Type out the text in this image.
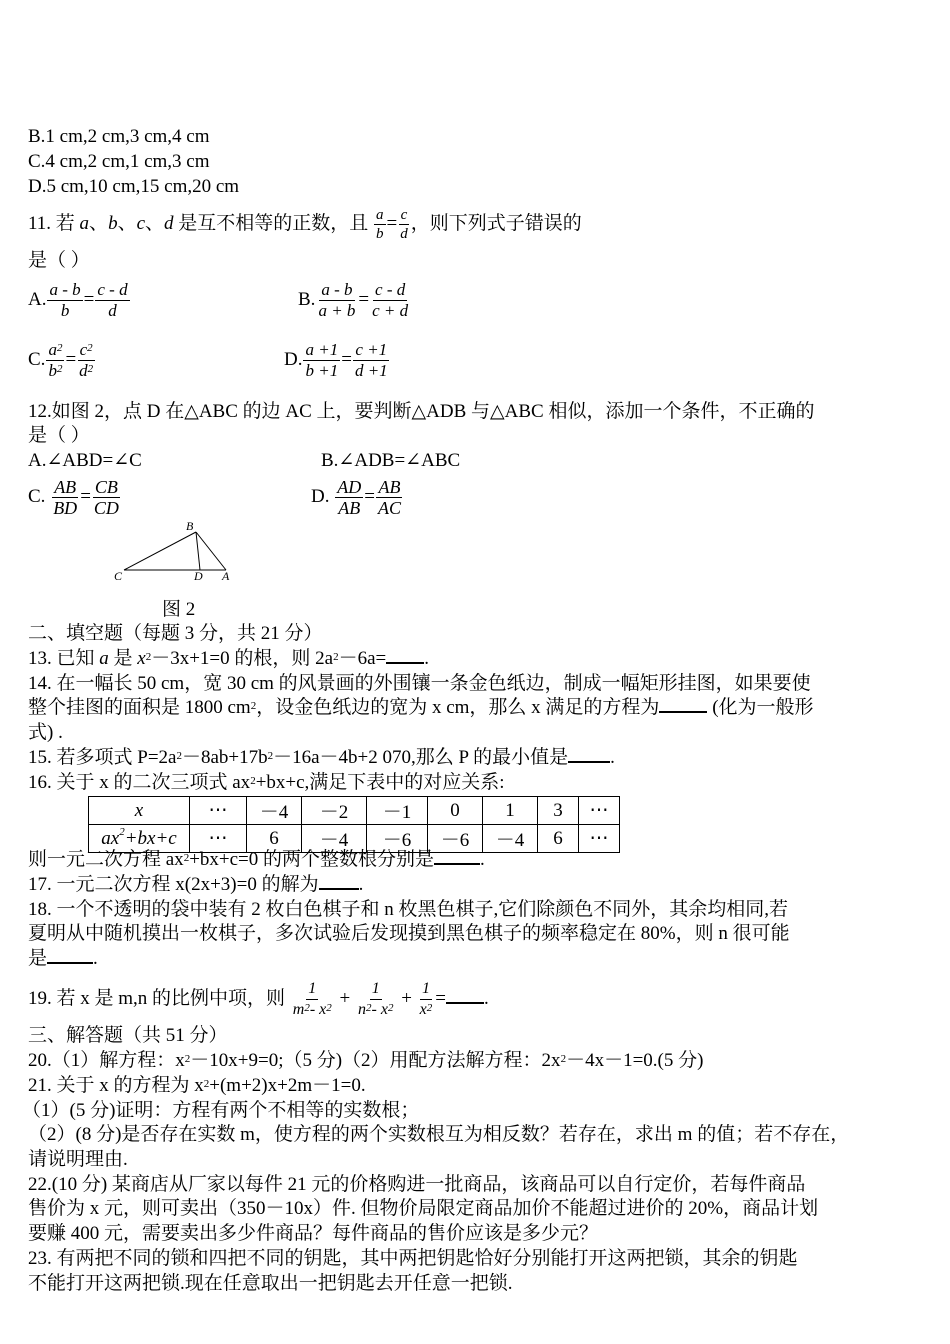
B.1 cm,2 cm,3 cm,4 cm
C.4 cm,2 cm,1 cm,3 cm
D.5 cm,10 cm,15 cm,20 cm
11. 若 a、b、c、d 是互不相等的正数，且 $\frac{a}{b} = \frac{c}{d}$ ，则下列式子错误的
是（ ）
A. $\frac{a - b}{b} = \frac{c - d}{d}$	B. $\frac{a - b}{a + b} = \frac{c - d}{c + d}$
C. $\frac{a^2}{b^2} = \frac{c^2}{d^2}$	D. $\frac{a +1}{b +1} = \frac{c +1}{d +1}$
12.如图 2，点 D 在△ABC 的边 AC 上，要判断△ADB 与△ABC 相似，添加一个条件，不正确的
是（ ）
A.∠ABD=∠C	B.∠ADB=∠ABC
C. $\frac{AB}{BD} = \frac{CB}{CD}$	D. $\frac{AD}{AB} = \frac{AB}{AC}$
B
C	D A
图 2
二、填空题（每题 3 分，共 21 分）
13. 已知 a 是 $x^2-3x+1=0$ 的根，则 $2a^2-6a=$ .
14. 在一幅长 50 cm，宽 30 cm 的风景画的外围镶一条金色纸边，制成一幅矩形挂图，如果要使
整个挂图的面积是 1800 $cm^2$，设金色纸边的宽为 x cm，那么 x 满足的方程为	(化为一般形
式) .
15. 若多项式 $P=2a^2-8ab+17b^2-16a-4b+2$ 070,那么 P 的最小值是 .
16. 关于 x 的二次三项式 $ax^2+bx+c$,满足下表中的对应关系:
x	⋯	－4	－2	－1	0	1	3	⋯
$ax^2+bx+c$	⋯	6	－4	－6	－6	－4	6	⋯
则一元二次方程 $ax^2+bx+c=0$ 的两个整数根分别是 .
17. 一元二次方程 x(2x+3)=0 的解为 .
18. 一个不透明的袋中装有 2 枚白色棋子和 n 枚黑色棋子,它们除颜色不同外，其余均相同,若
夏明从中随机摸出一枚棋子，多次试验后发现摸到黑色棋子的频率稳定在 80%，则 n 很可能
是 .
19. 若 x 是 m,n 的比例中项，则 $\frac{1}{m^2- x^2} + \frac{1}{n^2- x^2} + \frac{1}{x^2}$ = .
三、解答题（共 51 分）
20.（1）解方程：$x^2-10x+9=0;(5$ 分)（2）用配方法解方程：$2x^2-4x-1=0.(5$ 分)
21. 关于 x 的方程为 $x^2+(m+2)x+2m-1=0$.
（1）(5 分)证明：方程有两个不相等的实数根；
（2）(8 分)是否存在实数 m，使方程的两个实数根互为相反数？若存在，求出 m 的值；若不存在，
请说明理由.
22.(10 分) 某商店从厂家以每件 21 元的价格购进一批商品，该商品可以自行定价，若每件商品
售价为 x 元，则可卖出（350－10x）件. 但物价局限定商品加价不能超过进价的 20%，商品计划
要赚 400 元，需要卖出多少件商品？每件商品的售价应该是多少元？
23. 有两把不同的锁和四把不同的钥匙，其中两把钥匙恰好分别能打开这两把锁，其余的钥匙
不能打开这两把锁.现在任意取出一把钥匙去开任意一把锁.
